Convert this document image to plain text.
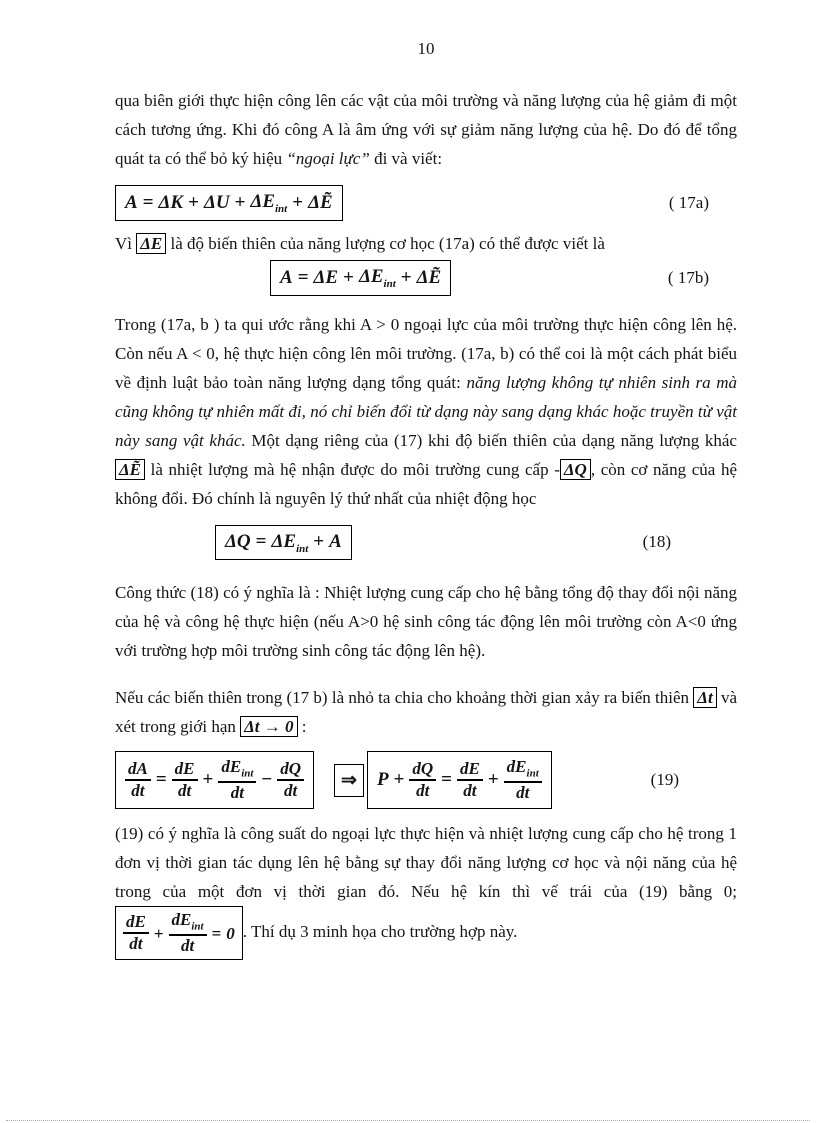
10

qua biên giới thực hiện công lên các vật của môi trường và năng lượng của hệ giảm đi một cách tương ứng. Khi đó công A là âm ứng với sự giảm năng lượng của hệ. Do đó để tổng quát ta có thể bỏ ký hiệu “ngoại lực” đi và viết:

$A = \Delta K + \Delta U + \Delta E_{int}$ + ΔẼ	( 17a)

Vì ΔE là độ biến thiên của năng lượng cơ học (17a) có thể được viết là

$A = \Delta E + \Delta E_{int}$ + ΔẼ	( 17b)

Trong (17a, b ) ta qui ước rằng khi A > 0 ngoại lực của môi trường thực hiện công lên hệ. Còn nếu A < 0, hệ thực hiện công lên môi trường. (17a, b) có thể coi là một cách phát biểu về định luật bảo toàn năng lượng dạng tổng quát: năng lượng không tự nhiên sinh ra mà cũng không tự nhiên mất đi, nó chỉ biến đổi từ dạng này sang dạng khác hoặc truyền từ vật này sang vật khác. Một dạng riêng của (17) khi độ biến thiên của dạng năng lượng khác ΔẼ là nhiệt lượng mà hệ nhận được do môi trường cung cấp - ΔQ , còn cơ năng của hệ không đổi. Đó chính là nguyên lý thứ nhất của nhiệt động học

$\Delta Q = \Delta E_{int} + A$	(18)

Công thức (18) có ý nghĩa là : Nhiệt lượng cung cấp cho hệ bằng tổng độ thay đổi nội năng của hệ và công hệ thực hiện (nếu A>0 hệ sinh công tác động lên môi trường còn A<0 ứng với trường hợp môi trường sinh công tác động lên hệ).

Nếu các biến thiên trong (17 b) là nhỏ ta chia cho khoảng thời gian xảy ra biến thiên Δt và xét trong giới hạn Δt → 0 :

$\frac{dA}{dt} = \frac{dE}{dt} + \frac{dE_{int}}{dt} - \frac{dQ}{dt}$ ⇒ $P + \frac{dQ}{dt} = \frac{dE}{dt} + \frac{dE_{int}}{dt}$	(19)

(19) có ý nghĩa là công suất do ngoại lực thực hiện và nhiệt lượng cung cấp cho hệ trong 1 đơn vị thời gian tác dụng lên hệ bằng sự thay đổi năng lượng cơ học và nội năng của hệ trong của một đơn vị thời gian đó. Nếu hệ kín thì vế trái của (19) bằng 0;
$\frac{dE}{dt} + \frac{dE_{int}}{dt} = 0$ . Thí dụ 3 minh họa cho trường hợp này.
